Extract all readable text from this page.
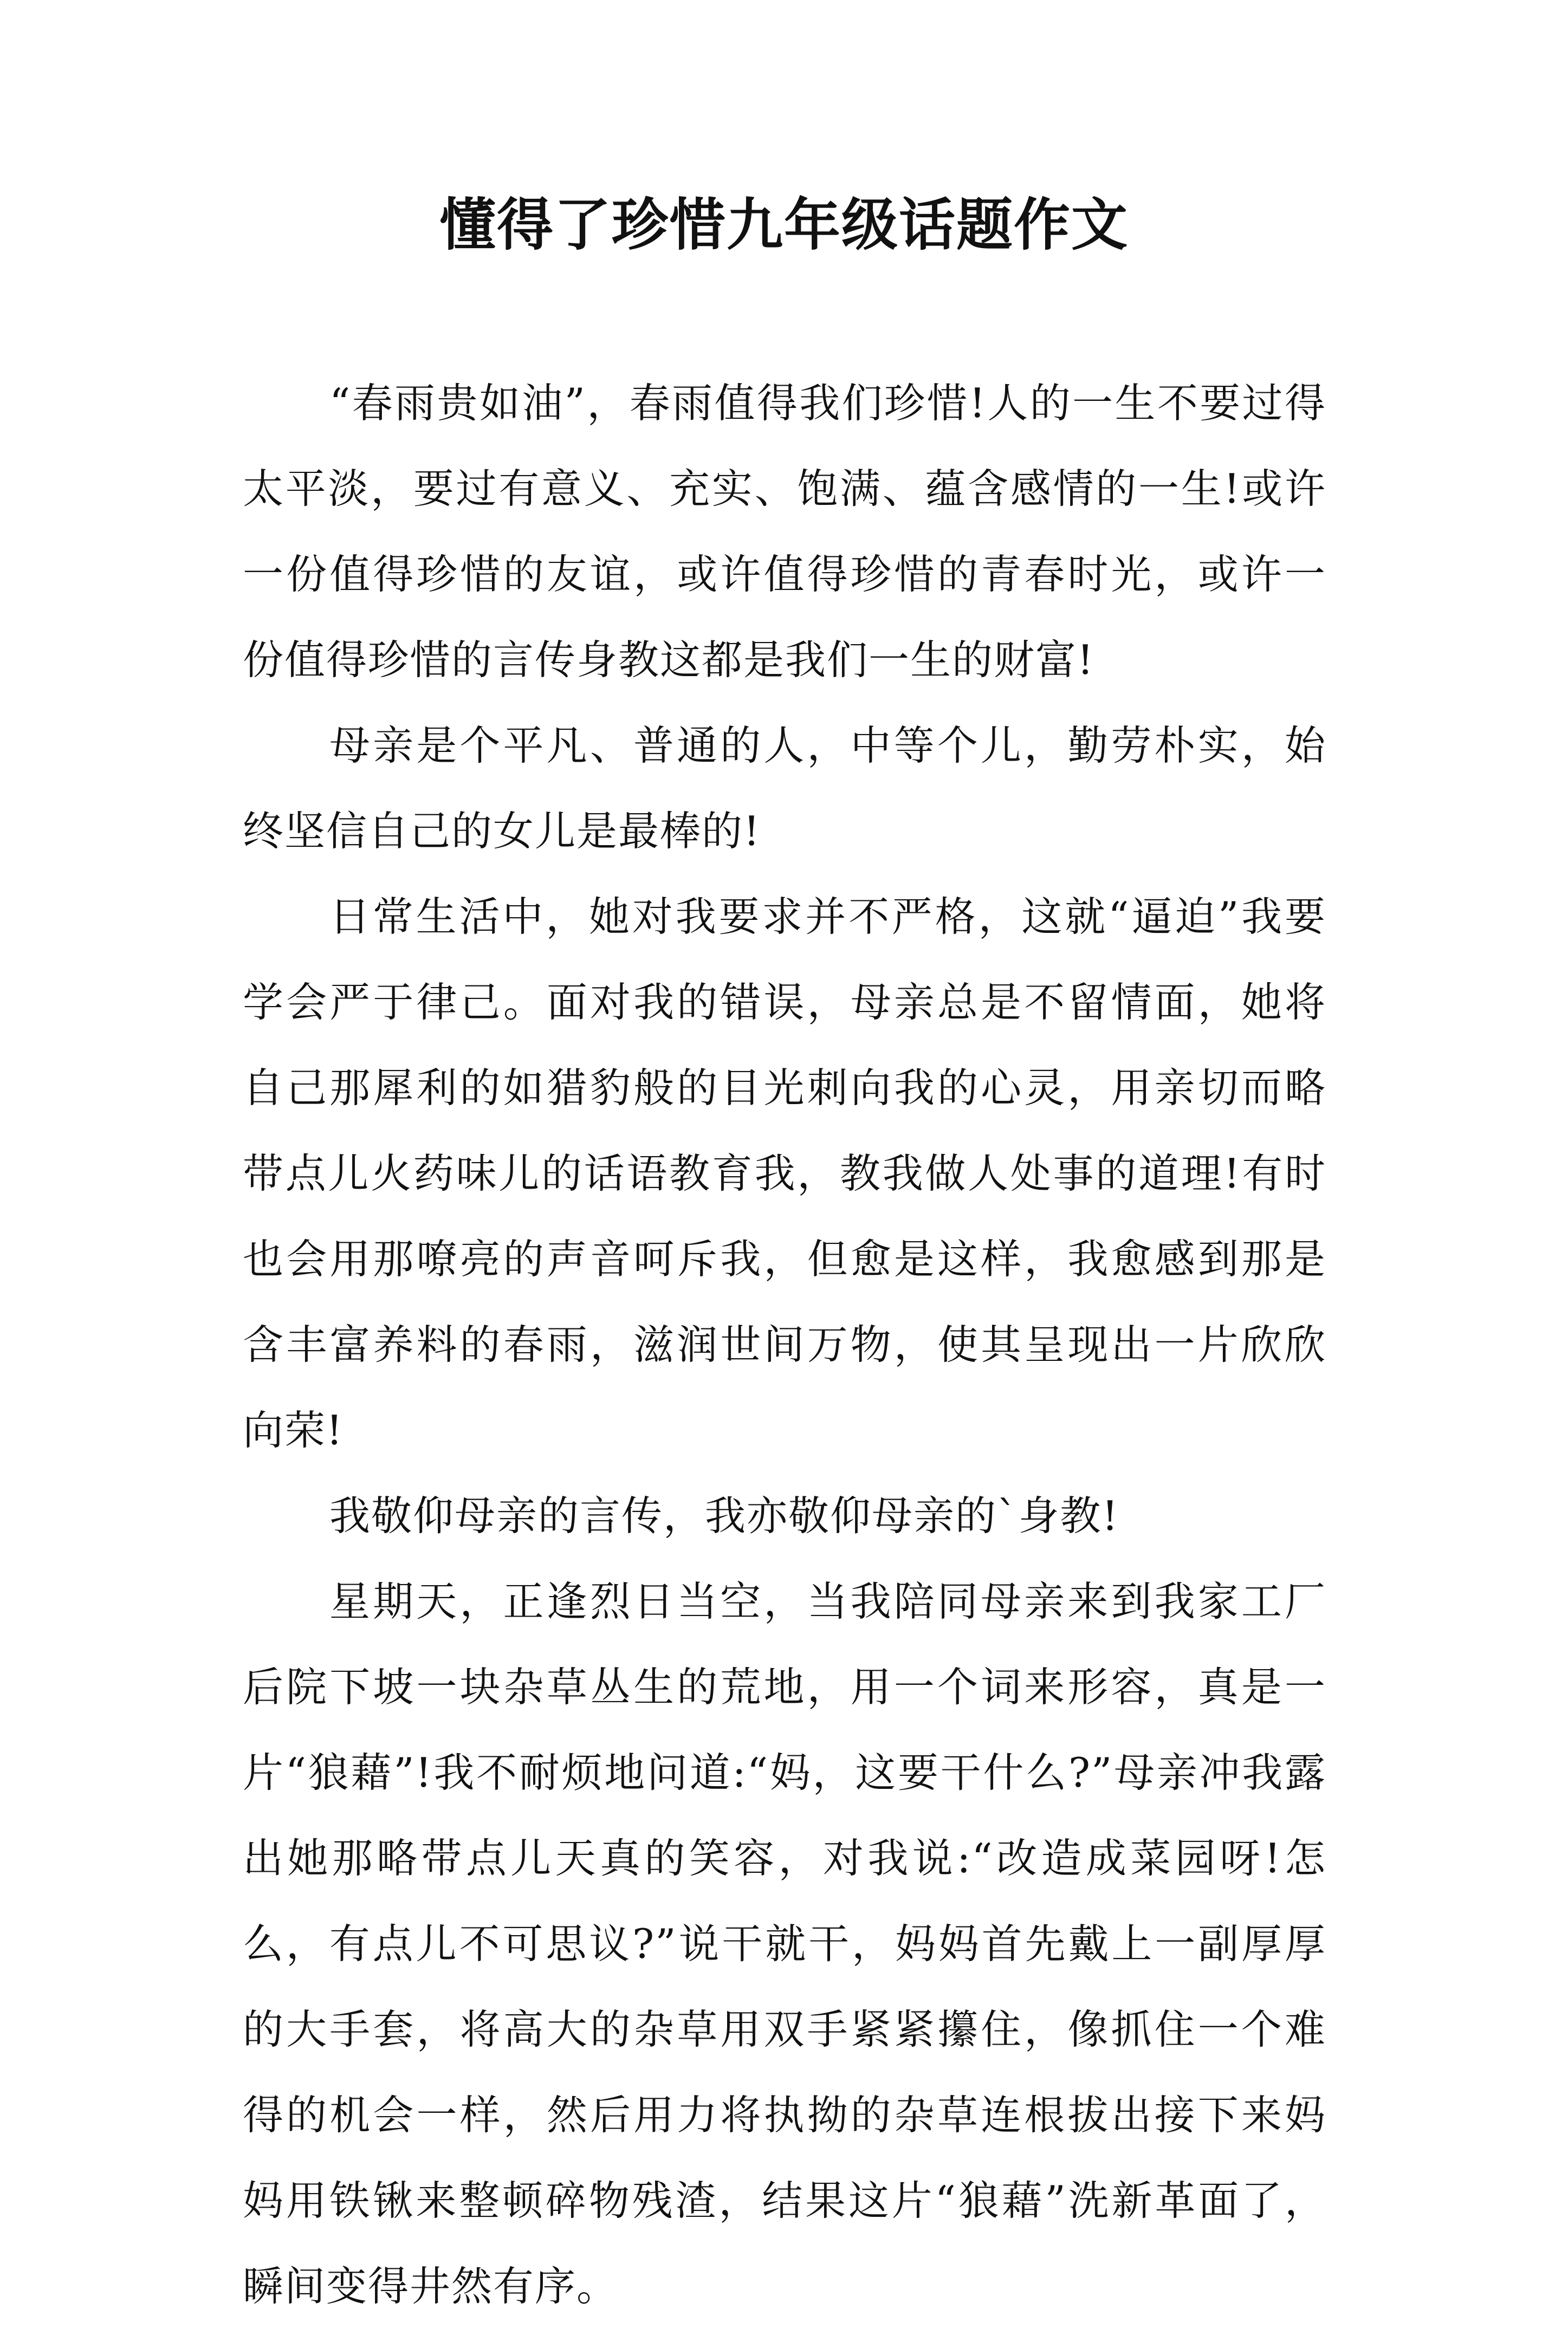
懂得了珍惜九年级话题作文

“春雨贵如油”，春雨值得我们珍惜!人的一生不要过得太平淡，要过有意义、充实、饱满、蕴含感情的一生!或许一份值得珍惜的友谊，或许值得珍惜的青春时光，或许一份值得珍惜的言传身教这都是我们一生的财富!

母亲是个平凡、普通的人，中等个儿，勤劳朴实，始终坚信自己的女儿是最棒的!

日常生活中，她对我要求并不严格，这就“逼迫”我要学会严于律己。面对我的错误，母亲总是不留情面，她将自己那犀利的如猎豹般的目光刺向我的心灵，用亲切而略带点儿火药味儿的话语教育我，教我做人处事的道理!有时也会用那嘹亮的声音呵斥我，但愈是这样，我愈感到那是含丰富养料的春雨，滋润世间万物，使其呈现出一片欣欣向荣!

我敬仰母亲的言传，我亦敬仰母亲的`身教!

星期天，正逢烈日当空，当我陪同母亲来到我家工厂后院下坡一块杂草丛生的荒地，用一个词来形容，真是一片“狼藉”!我不耐烦地问道:“妈，这要干什么?”母亲冲我露出她那略带点儿天真的笑容，对我说:“改造成菜园呀!怎么，有点儿不可思议?”说干就干，妈妈首先戴上一副厚厚的大手套，将高大的杂草用双手紧紧攥住，像抓住一个难得的机会一样，然后用力将执拗的杂草连根拔出接下来妈妈用铁锹来整顿碎物残渣，结果这片“狼藉”洗新革面了，瞬间变得井然有序。
